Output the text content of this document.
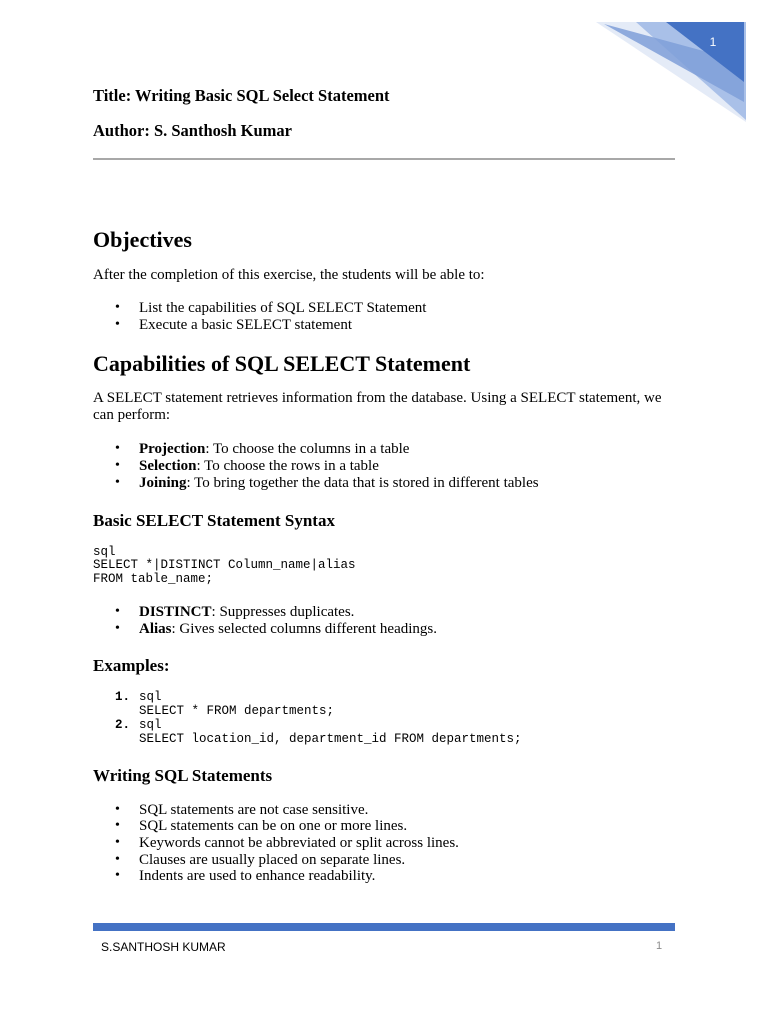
1

Title: Writing Basic SQL Select Statement

Author: S. Santhosh Kumar

Objectives

After the completion of this exercise, the students will be able to:

• List the capabilities of SQL SELECT Statement
• Execute a basic SELECT statement
Capabilities of SQL SELECT Statement

A SELECT statement retrieves information from the database. Using a SELECT statement, we can perform:

• Projection: To choose the columns in a table
• Selection: To choose the rows in a table
• Joining: To bring together the data that is stored in different tables
Basic SELECT Statement Syntax
sql
SELECT *|DISTINCT Column_name|alias
FROM table_name;
• DISTINCT: Suppresses duplicates.
• Alias: Gives selected columns different headings.
Examples:
1. sql
SELECT * FROM departments;
2. sql
SELECT location_id, department_id FROM departments;
Writing SQL Statements
• SQL statements are not case sensitive.
• SQL statements can be on one or more lines.
• Keywords cannot be abbreviated or split across lines.
• Clauses are usually placed on separate lines.
• Indents are used to enhance readability.
S.SANTHOSH KUMAR	1
